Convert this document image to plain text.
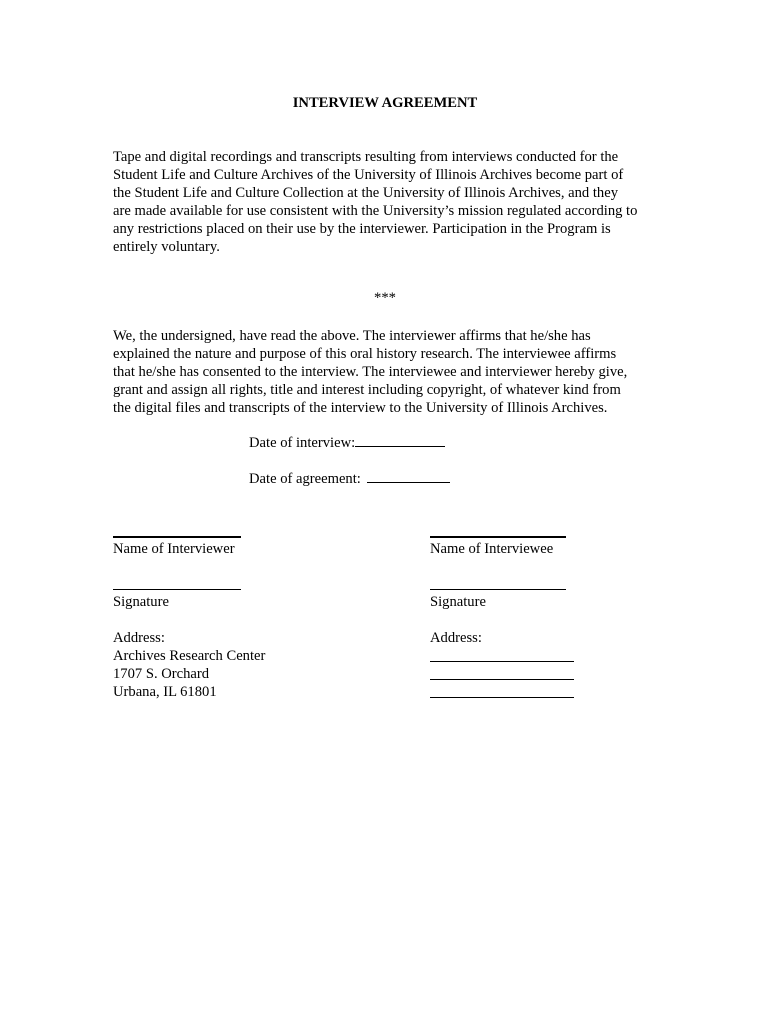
INTERVIEW AGREEMENT
Tape and digital recordings and transcripts resulting from interviews conducted for the
Student Life and Culture Archives of the University of Illinois Archives become part of
the Student Life and Culture Collection at the University of Illinois Archives, and they
are made available for use consistent with the University’s mission regulated according to
any restrictions placed on their use by the interviewer. Participation in the Program is
entirely voluntary.
***
We, the undersigned, have read the above. The interviewer affirms that he/she has
explained the nature and purpose of this oral history research. The interviewee affirms
that he/she has consented to the interview. The interviewee and interviewer hereby give,
grant and assign all rights, title and interest including copyright, of whatever kind from
the digital files and transcripts of the interview to the University of Illinois Archives.
Date of interview:
Date of agreement:
Name of Interviewer
Signature
Address:
Archives Research Center
1707 S. Orchard
Urbana, IL 61801
Name of Interviewee
Signature
Address:
